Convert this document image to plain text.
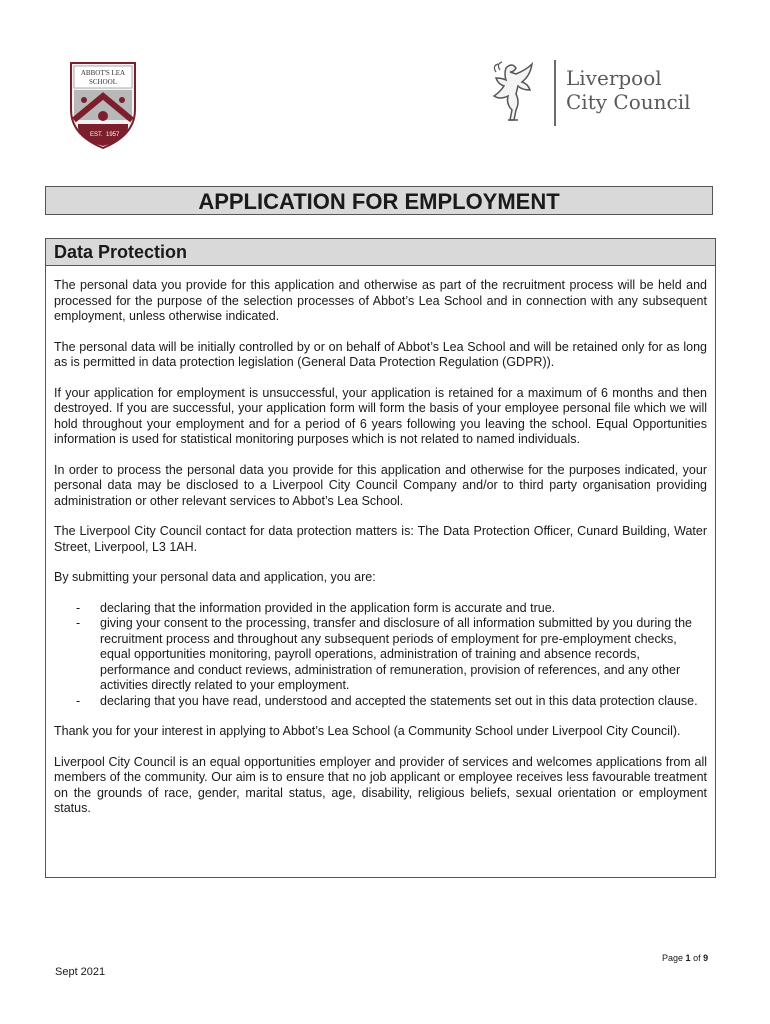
ABBOT'S LEA
SCHOOL
EST. 1957
Liverpool
City Council
APPLICATION FOR EMPLOYMENT
Data Protection

The personal data you provide for this application and otherwise as part of the recruitment process will be held and processed for the purpose of the selection processes of Abbot’s Lea School and in connection with any subsequent employment, unless otherwise indicated.

The personal data will be initially controlled by or on behalf of Abbot’s Lea School and will be retained only for as long as is permitted in data protection legislation (General Data Protection Regulation (GDPR)).

If your application for employment is unsuccessful, your application is retained for a maximum of 6 months and then destroyed. If you are successful, your application form will form the basis of your employee personal file which we will hold throughout your employment and for a period of 6 years following you leaving the school. Equal Opportunities information is used for statistical monitoring purposes which is not related to named individuals.

In order to process the personal data you provide for this application and otherwise for the purposes indicated, your personal data may be disclosed to a Liverpool City Council Company and/or to third party organisation providing administration or other relevant services to Abbot’s Lea School.

The Liverpool City Council contact for data protection matters is: The Data Protection Officer, Cunard Building, Water Street, Liverpool, L3 1AH.

By submitting your personal data and application, you are:

- declaring that the information provided in the application form is accurate and true.
- giving your consent to the processing, transfer and disclosure of all information submitted by you during the recruitment process and throughout any subsequent periods of employment for pre-employment checks, equal opportunities monitoring, payroll operations, administration of training and absence records, performance and conduct reviews, administration of remuneration, provision of references, and any other activities directly related to your employment.
- declaring that you have read, understood and accepted the statements set out in this data protection clause.

Thank you for your interest in applying to Abbot’s Lea School (a Community School under Liverpool City Council).

Liverpool City Council is an equal opportunities employer and provider of services and welcomes applications from all members of the community. Our aim is to ensure that no job applicant or employee receives less favourable treatment on the grounds of race, gender, marital status, age, disability, religious beliefs, sexual orientation or employment status.

Page 1 of 9
Sept 2021
